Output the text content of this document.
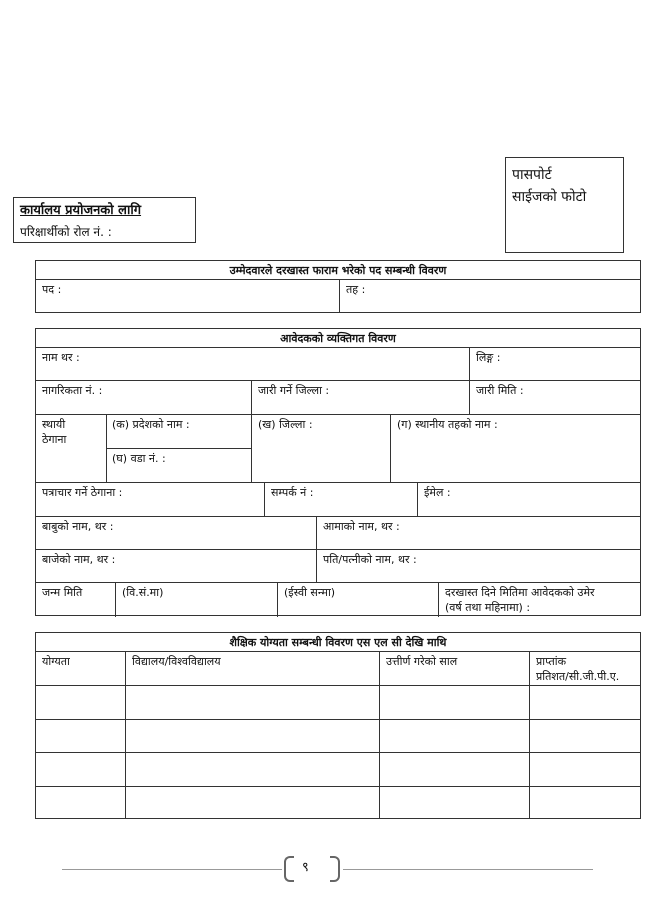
पासपोर्ट
साईजको फोटो
कार्यालय प्रयोजनको लागि
परिक्षार्थीको रोल नं. :
उम्मेदवारले दरखास्त फाराम भरेको पद सम्बन्धी विवरण
पद :	तह :
आवेदकको व्यक्तिगत विवरण
नाम थर :	लिङ्ग :
नागरिकता नं. :	जारी गर्ने जिल्ला :	जारी मिति :
स्थायी
ठेगाना
(क) प्रदेशको नाम :	(ख) जिल्ला :	(ग) स्थानीय तहको नाम :
(घ) वडा नं. :
पत्राचार गर्ने ठेगाना :	सम्पर्क नं :	ईमेल :
बाबुको नाम, थर :	आमाको नाम, थर :
बाजेको नाम, थर :	पति/पत्नीको नाम, थर :
जन्म मिति	(वि.सं.मा)	(ईस्वी सन्मा)	दरखास्त दिने मितिमा आवेदकको उमेर
(वर्ष तथा महिनामा) :
शैक्षिक योग्यता सम्बन्धी विवरण एस एल सी देखि माथि
योग्यता	विद्यालय/विश्वविद्यालय	उत्तीर्ण गरेको साल	प्राप्तांक
प्रतिशत/सी.जी.पी.ए.
९
